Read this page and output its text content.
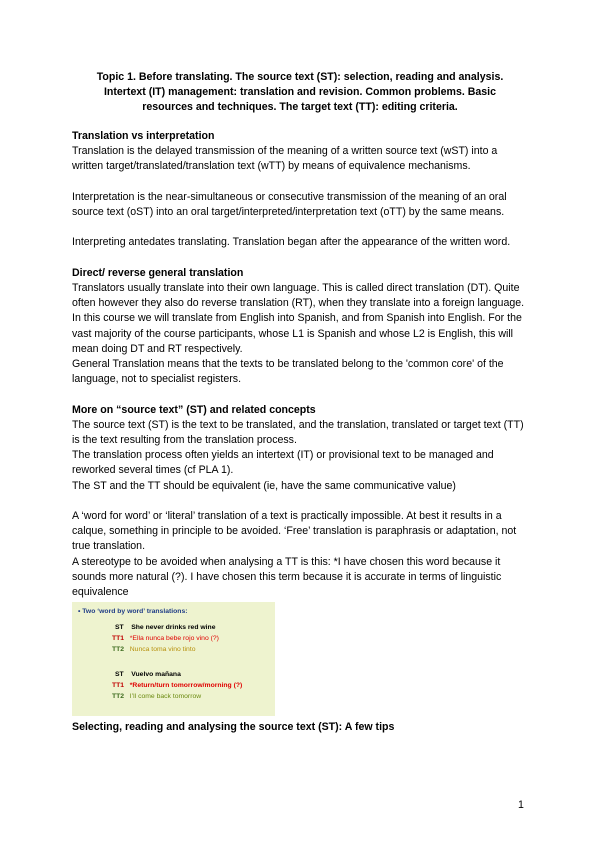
Topic 1. Before translating. The source text (ST): selection, reading and analysis.
Intertext (IT) management: translation and revision. Common problems. Basic
resources and techniques. The target text (TT): editing criteria.
Translation vs interpretation

Translation is the delayed transmission of the meaning of a written source text (wST) into a written target/translated/translation text (wTT) by means of equivalence mechanisms.

Interpretation is the near-simultaneous or consecutive transmission of the meaning of an oral source text (oST) into an oral target/interpreted/interpretation text (oTT) by the same means.

Interpreting antedates translating. Translation began after the appearance of the written word.

Direct/ reverse general translation

Translators usually translate into their own language. This is called direct translation (DT). Quite often however they also do reverse translation (RT), when they translate into a foreign language.

In this course we will translate from English into Spanish, and from Spanish into English. For the vast majority of the course participants, whose L1 is Spanish and whose L2 is English, this will mean doing DT and RT respectively.

General Translation means that the texts to be translated belong to the 'common core' of the language, not to specialist registers.

More on “source text” (ST) and related concepts

The source text (ST) is the text to be translated, and the translation, translated or target text (TT) is the text resulting from the translation process.

The translation process often yields an intertext (IT) or provisional text to be managed and reworked several times (cf PLA 1).

The ST and the TT should be equivalent (ie, have the same communicative value)

A ‘word for word’ or ‘literal’ translation of a text is practically impossible. At best it results in a calque, something in principle to be avoided. ‘Free’ translation is paraphrasis or adaptation, not true translation.

A stereotype to be avoided when analysing a TT is this: *I have chosen this word because it sounds more natural (?). I have chosen this term because it is accurate in terms of linguistic equivalence

• Two ‘word by word’ translations:
ST She never drinks red wine
TT1 *Ella nunca bebe rojo vino (?)
TT2 Nunca toma vino tinto
ST Vuelvo mañana
TT1 *Return/turn tomorrow/morning (?)
TT2 I’ll come back tomorrow
Selecting, reading and analysing the source text (ST): A few tips
1
